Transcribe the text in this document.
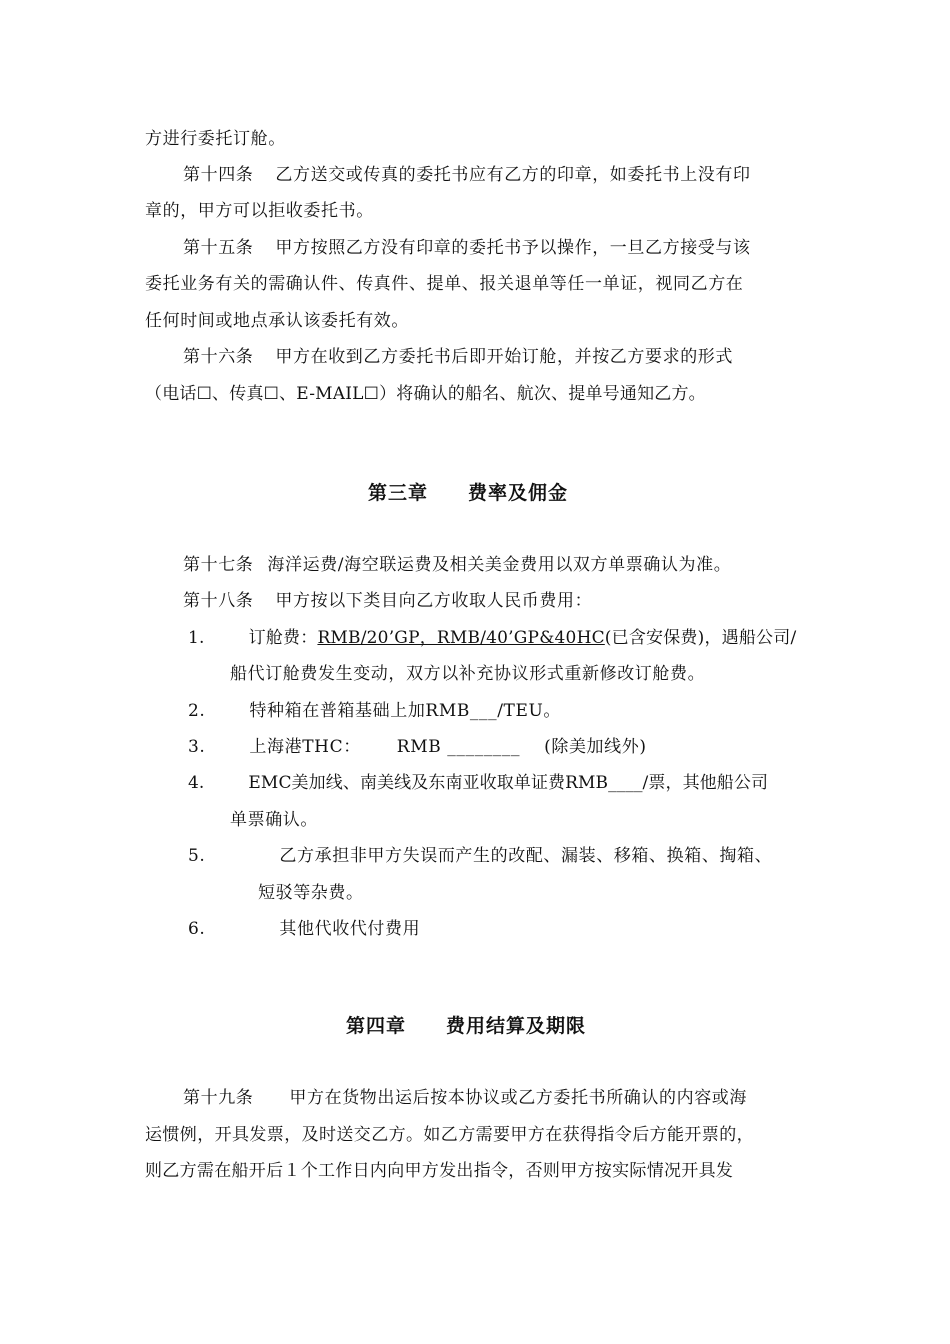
方进行委托订舱。
第十四条 乙方送交或传真的委托书应有乙方的印章，如委托书上没有印
章的，甲方可以拒收委托书。
第十五条 甲方按照乙方没有印章的委托书予以操作，一旦乙方接受与该
委托业务有关的需确认件、传真件、提单、报关退单等任一单证，视同乙方在
任何时间或地点承认该委托有效。
第十六条 甲方在收到乙方委托书后即开始订舱，并按乙方要求的形式
（电话☐、传真☐、E-MAIL☐）将确认的船名、航次、提单号通知乙方。
第三章 费率及佣金
第十七条 海洋运费/海空联运费及相关美金费用以双方单票确认为准。
第十八条 甲方按以下类目向乙方收取人民币费用：
1.	订舱费：RMB/20’GP，RMB/40’GP&40HC(已含安保费)，遇船公司/
船代订舱费发生变动，双方以补充协议形式重新修改订舱费。
2.	特种箱在普箱基础上加RMB___/TEU。
3.	上海港THC： RMB ________ (除美加线外)
4.	EMC美加线、南美线及东南亚收取单证费RMB____/票，其他船公司
单票确认。
5.	乙方承担非甲方失误而产生的改配、漏装、移箱、换箱、掏箱、
短驳等杂费。
6.	其他代收代付费用
第四章 费用结算及期限
第十九条 甲方在货物出运后按本协议或乙方委托书所确认的内容或海
运惯例，开具发票，及时送交乙方。如乙方需要甲方在获得指令后方能开票的，
则乙方需在船开后１个工作日内向甲方发出指令，否则甲方按实际情况开具发
